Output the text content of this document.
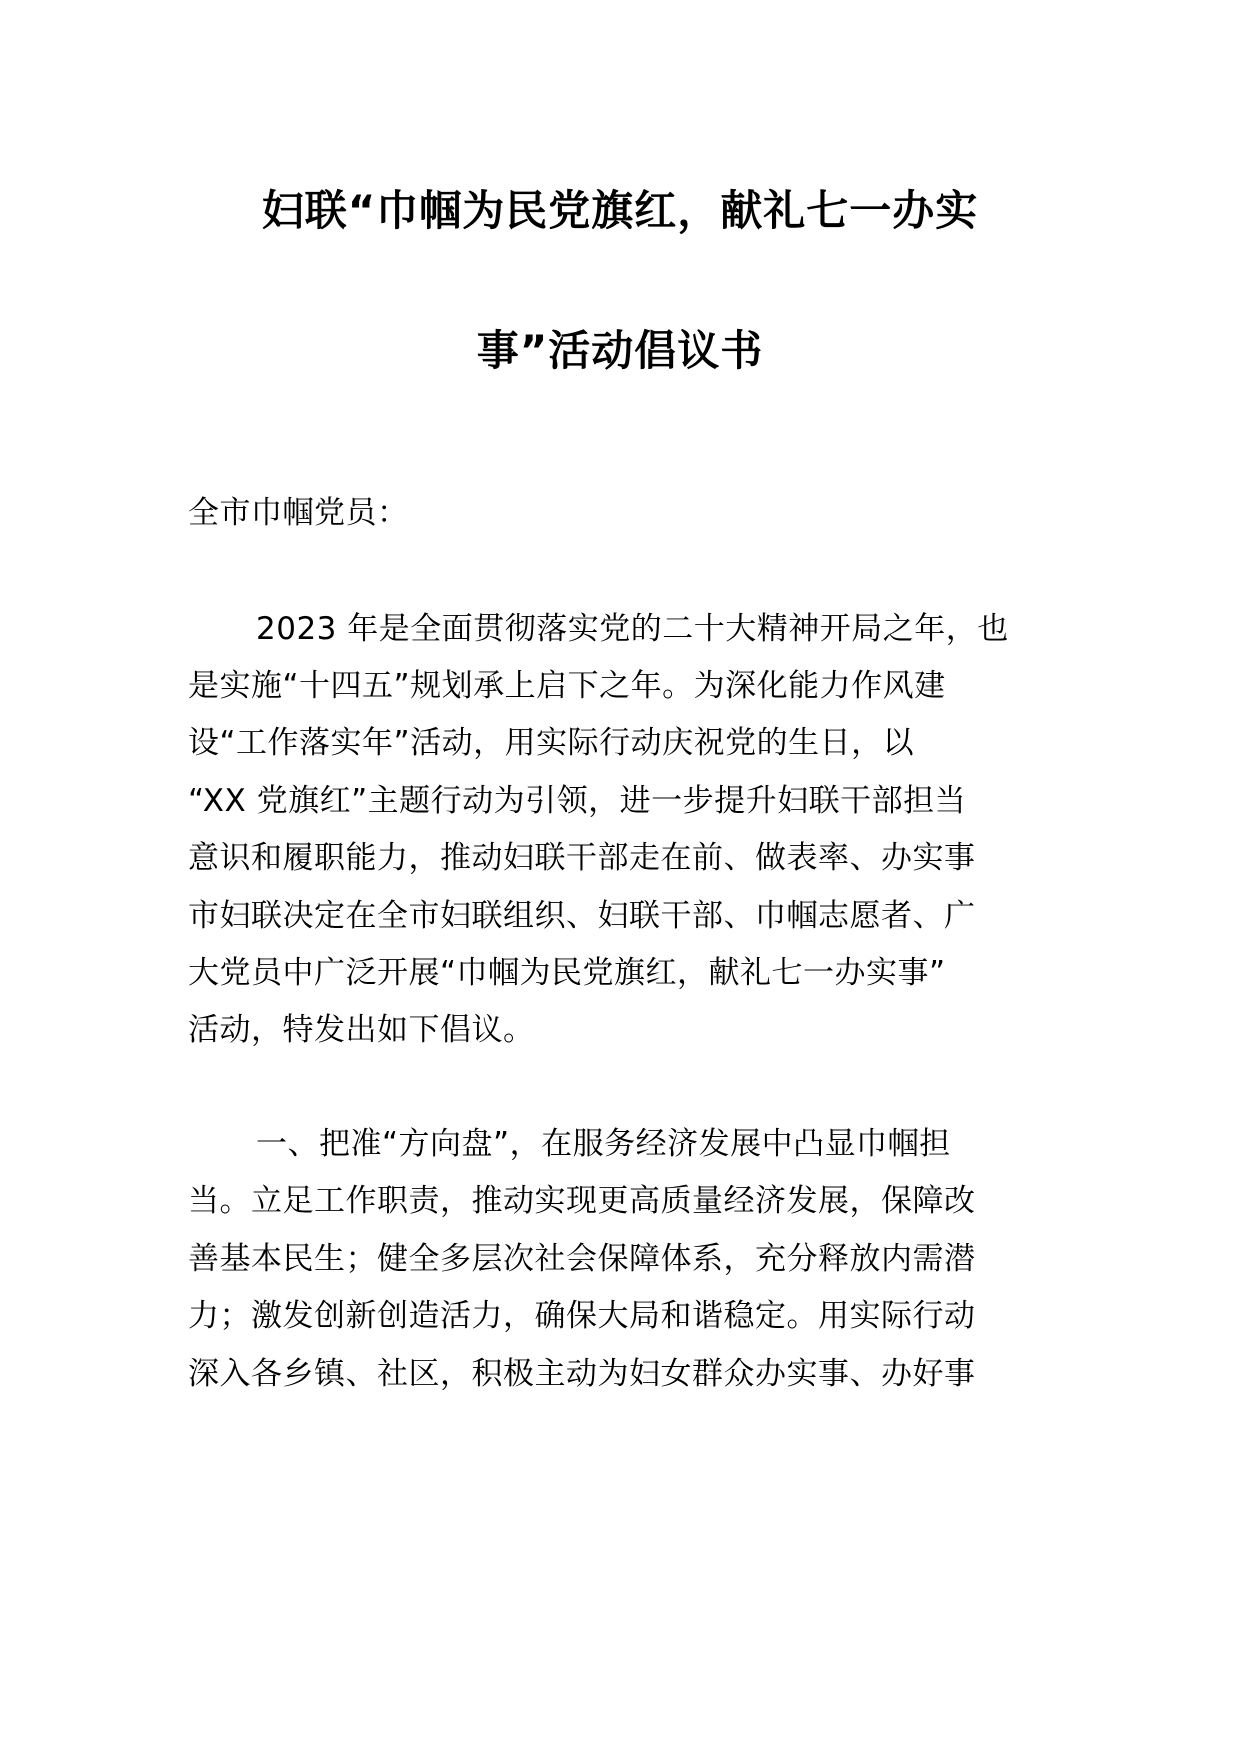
妇联“巾帼为民党旗红，献礼七一办实
事”活动倡议书
全市巾帼党员：
2023 年是全面贯彻落实党的二十大精神开局之年，也
是实施“十四五”规划承上启下之年。为深化能力作风建
设“工作落实年”活动，用实际行动庆祝党的生日，以
“XX 党旗红”主题行动为引领，进一步提升妇联干部担当
意识和履职能力，推动妇联干部走在前、做表率、办实事
市妇联决定在全市妇联组织、妇联干部、巾帼志愿者、广
大党员中广泛开展“巾帼为民党旗红，献礼七一办实事”
活动，特发出如下倡议。
一、把准“方向盘”，在服务经济发展中凸显巾帼担
当。立足工作职责，推动实现更高质量经济发展，保障改
善基本民生；健全多层次社会保障体系，充分释放内需潜
力；激发创新创造活力，确保大局和谐稳定。用实际行动
深入各乡镇、社区，积极主动为妇女群众办实事、办好事
